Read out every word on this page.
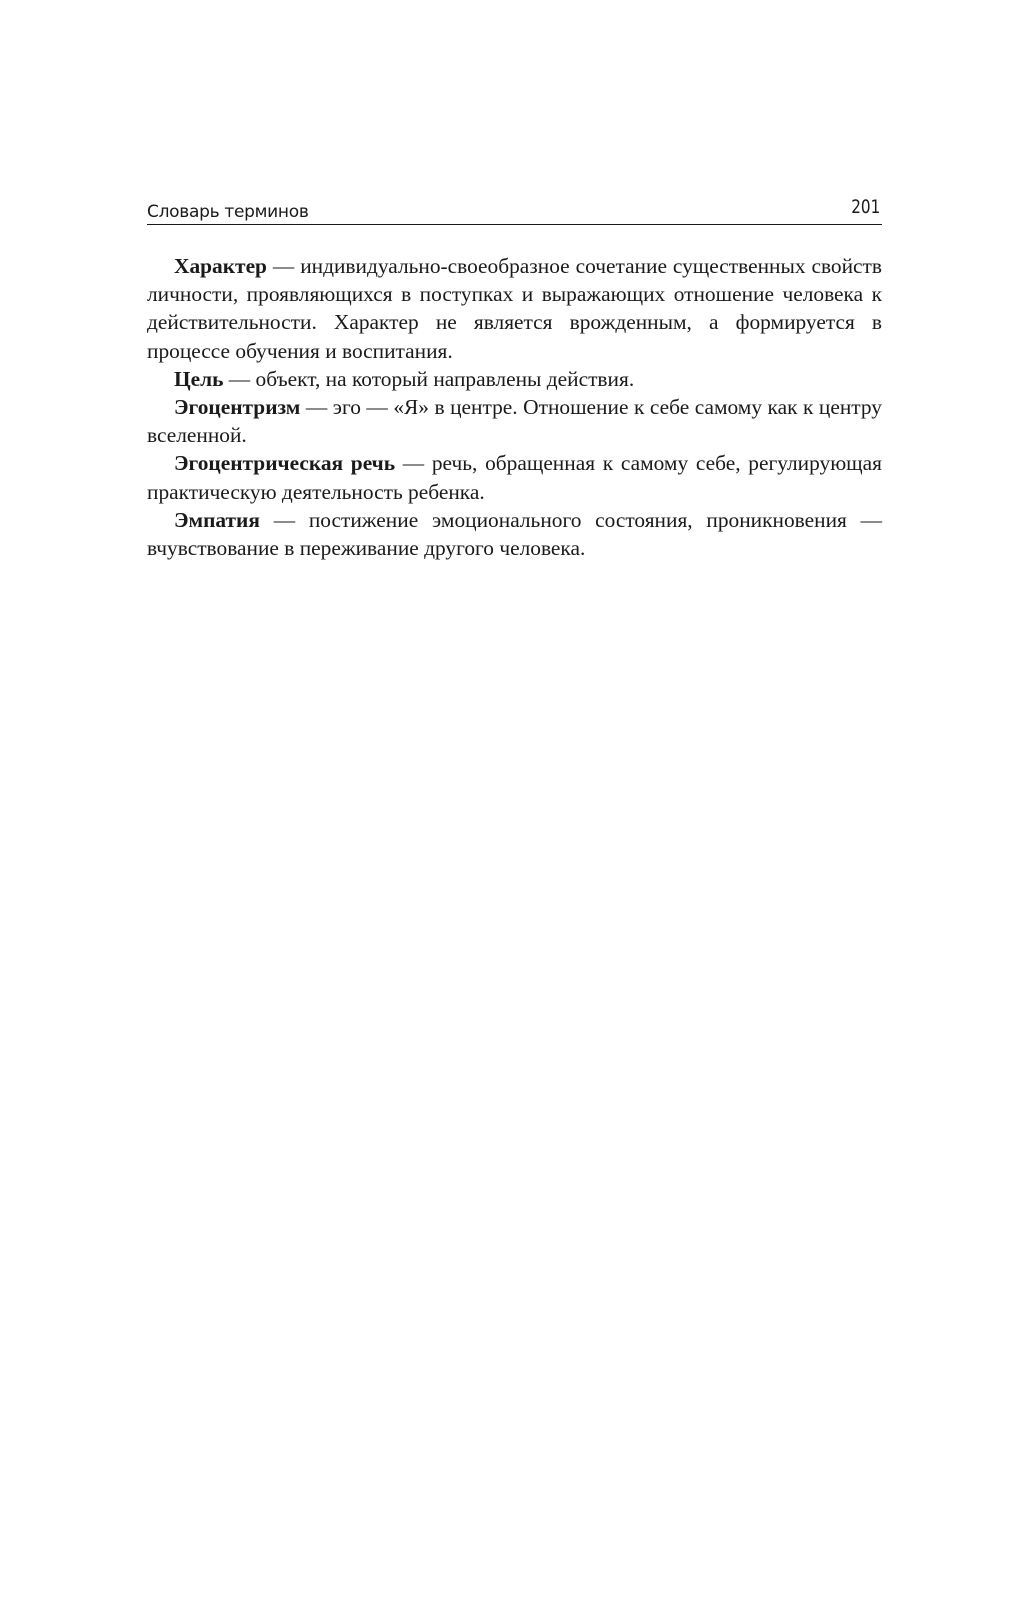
Словарь терминов	201

Характер — индивидуально-своеобразное сочетание существенных свойств личности, проявляющихся в поступках и выражающих отношение человека к действительности. Характер не является врожденным, а формируется в процессе обучения и воспитания.

Цель — объект, на который направлены действия.

Эгоцентризм — эго — «Я» в центре. Отношение к себе самому как к центру вселенной.

Эгоцентрическая речь — речь, обращенная к самому себе, регулирующая практическую деятельность ребенка.

Эмпатия — постижение эмоционального состояния, проникновения — вчувствование в переживание другого человека.
